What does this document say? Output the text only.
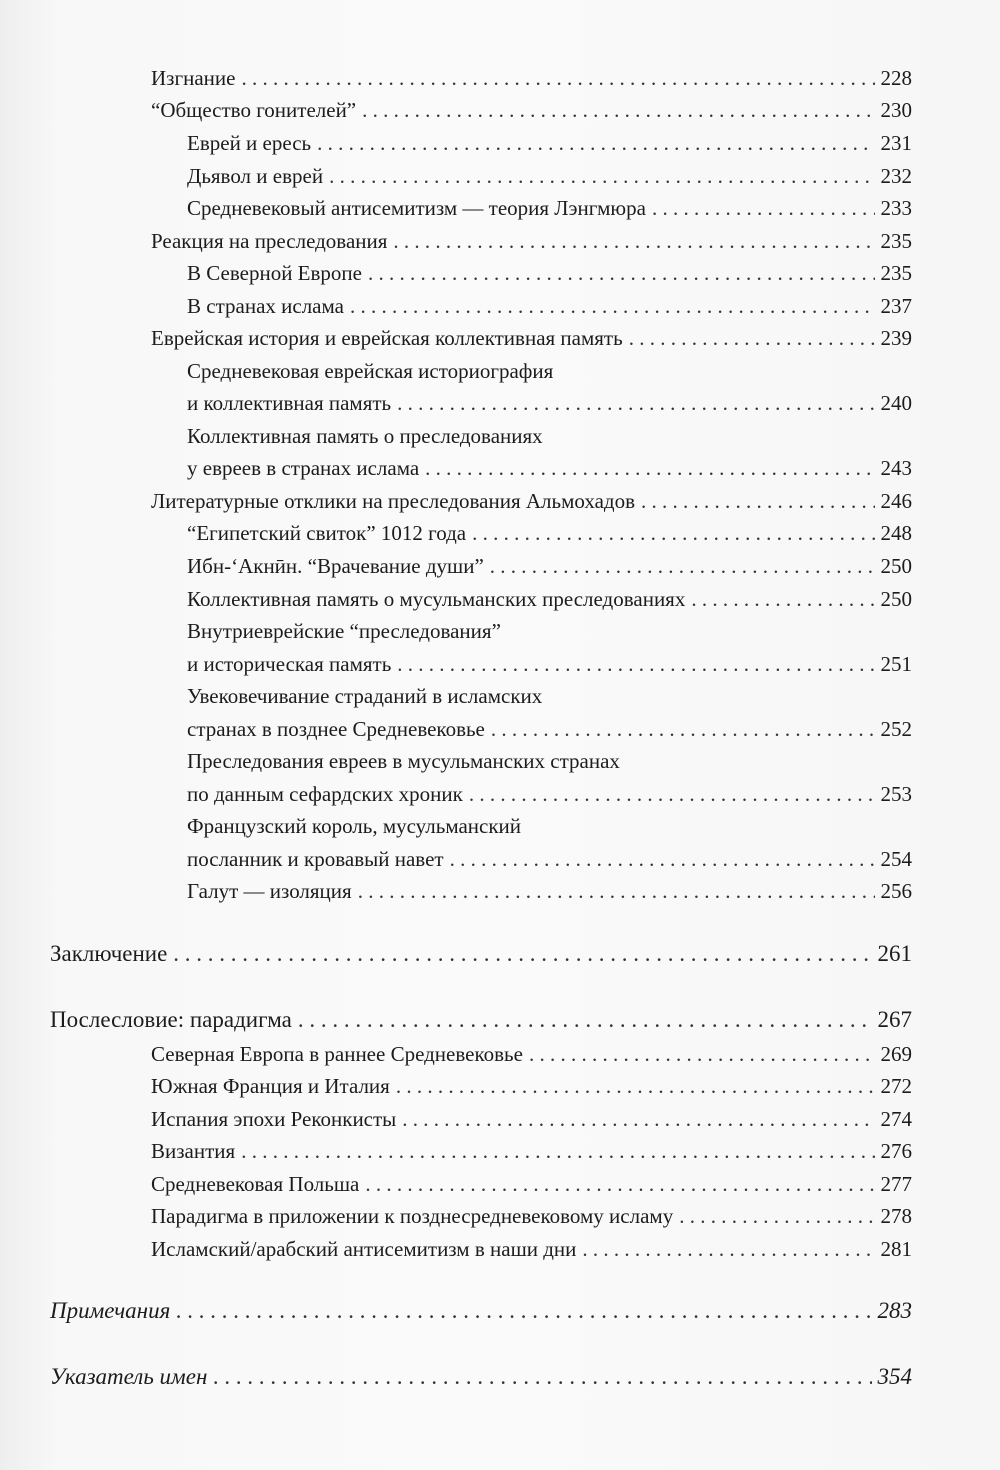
Изгнание . . .	228
“Общество гонителей” . . .	230
Еврей и ересь . . .	231
Дьявол и еврей . . .	232
Средневековый антисемитизм — теория Лэнгмюра . . .	233
Реакция на преследования . . .	235
В Северной Европе . . .	235
В странах ислама . . .	237
Еврейская история и еврейская коллективная память . . .	239
Средневековая еврейская историография
и коллективная память . . .	240
Коллективная память о преследованиях
у евреев в странах ислама . . .	243
Литературные отклики на преследования Альмохадов . . .	246
“Египетский свиток” 1012 года . . .	248
Ибн-‘Акнӣн. “Врачевание души” . . .	250
Коллективная память о мусульманских преследованиях . . .	250
Внутриеврейские “преследования”
и историческая память . . .	251
Увековечивание страданий в исламских
странах в позднее Средневековье . . .	252
Преследования евреев в мусульманских странах
по данным сефардских хроник . . .	253
Французский король, мусульманский
посланник и кровавый навет . . .	254
Галут — изоляция . . .	256
Заключение . . .	261
Послесловие: парадигма . . .	267
Северная Европа в раннее Средневековье . . .	269
Южная Франция и Италия . . .	272
Испания эпохи Реконкисты . . .	274
Византия . . .	276
Средневековая Польша . . .	277
Парадигма в приложении к позднесредневековому исламу . . .	278
Исламский/арабский антисемитизм в наши дни . . .	281
Примечания . . .	283
Указатель имен . . .	354
